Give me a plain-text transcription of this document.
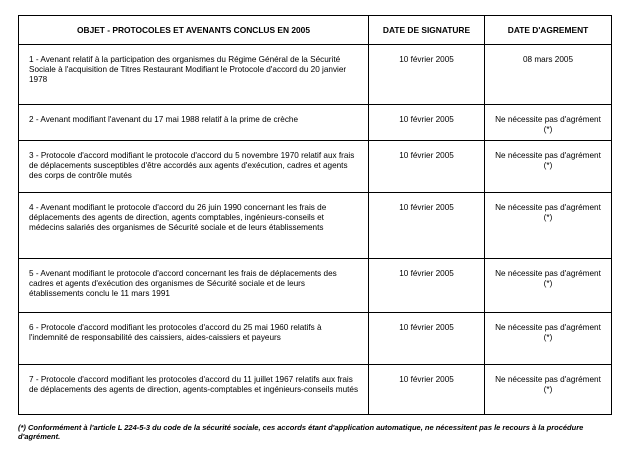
OBJET - PROTOCOLES ET AVENANTS CONCLUS EN 2005	DATE DE SIGNATURE	DATE D'AGREMENT
1 - Avenant relatif à la participation des organismes du Régime Général de la Sécurité Sociale à l'acquisition de Titres Restaurant Modifiant le Protocole d'accord du 20 janvier 1978	10 février 2005	08 mars 2005
2 - Avenant modifiant l'avenant du 17 mai 1988 relatif à la prime de crèche	10 février 2005	Ne nécessite pas d'agrément (*)
3 - Protocole d'accord modifiant le protocole d'accord du 5 novembre 1970 relatif aux frais de déplacements susceptibles d'être accordés aux agents d'exécution, cadres et agents des corps de contrôle mutés	10 février 2005	Ne nécessite pas d'agrément (*)
4 - Avenant modifiant le protocole d'accord du 26 juin 1990 concernant les frais de déplacements des agents de direction, agents comptables, ingénieurs-conseils et médecins salariés des organismes de Sécurité sociale et de leurs établissements	10 février 2005	Ne nécessite pas d'agrément (*)
5 - Avenant modifiant le protocole d'accord concernant les frais de déplacements des cadres et agents d'exécution des organismes de Sécurité sociale et de leurs établissements conclu le 11 mars 1991	10 février 2005	Ne nécessite pas d'agrément (*)
6 - Protocole d'accord modifiant les protocoles d'accord du 25 mai 1960 relatifs à l'indemnité de responsabilité des caissiers, aides-caissiers et payeurs	10 février 2005	Ne nécessite pas d'agrément (*)
7 - Protocole d'accord modifiant les protocoles d'accord du 11 juillet 1967 relatifs aux frais de déplacements des agents de direction, agents-comptables et ingénieurs-conseils mutés	10 février 2005	Ne nécessite pas d'agrément (*)
(*) Conformément à l'article L 224-5-3 du code de la sécurité sociale, ces accords étant d'application automatique, ne nécessitent pas le recours à la procédure d'agrément.
